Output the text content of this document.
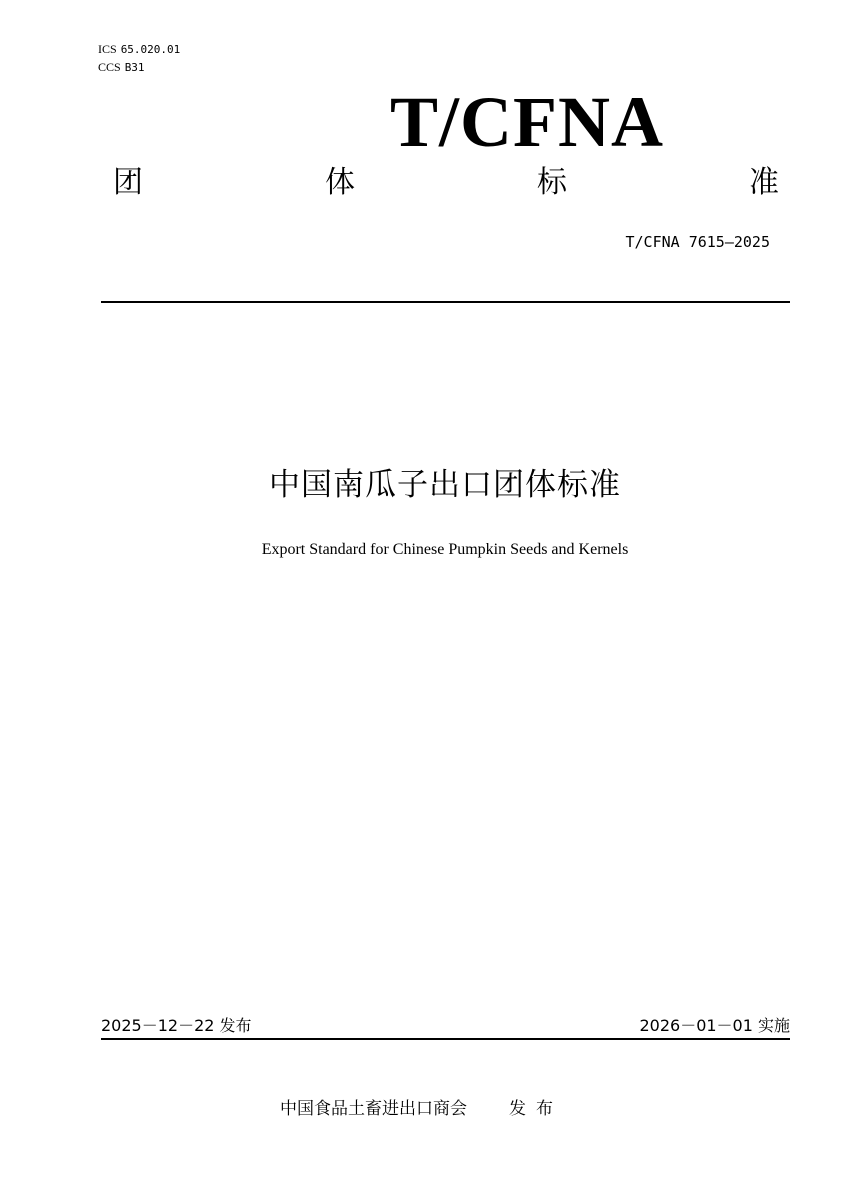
ICS 65.020.01
CCS B31
T/CFNA
团	体	标	准
T/CFNA 7615—2025
中国南瓜子出口团体标准
Export Standard for Chinese Pumpkin Seeds and Kernels
2025－12－22 发布	2026－01－01 实施
中国食品土畜进出口商会 发布
